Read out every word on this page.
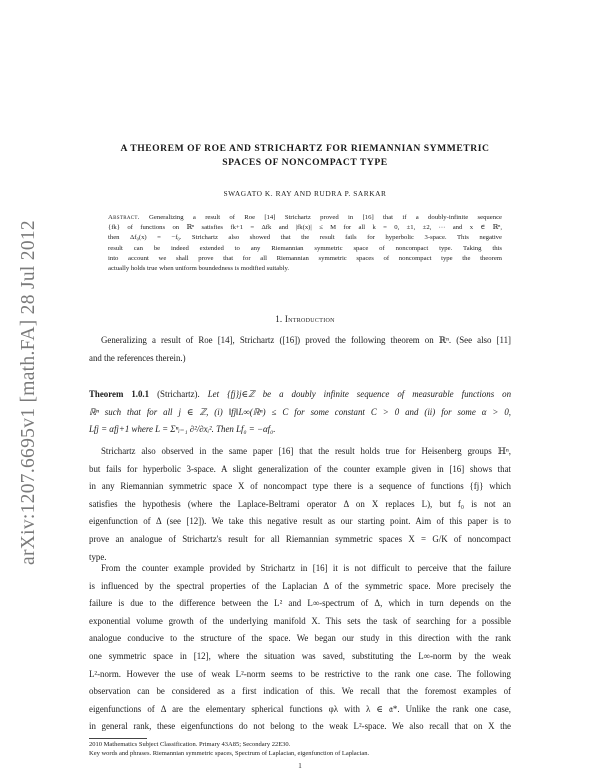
arXiv:1207.6695v1 [math.FA] 28 Jul 2012
A THEOREM OF ROE AND STRICHARTZ FOR RIEMANNIAN SYMMETRIC
SPACES OF NONCOMPACT TYPE
SWAGATO K. RAY AND RUDRA P. SARKAR
Abstract. Generalizing a result of Roe [14] Strichartz proved in [16] that if a doubly-infinite sequence
{fk} of functions on ℝⁿ satisfies fk+1 = Δfk and |fk(x)| ≤ M for all k = 0, ±1, ±2, ··· and x ∈ ℝⁿ,
then Δf₀(x) = −f₀. Strichartz also showed that the result fails for hyperbolic 3-space. This negative
result can be indeed extended to any Riemannian symmetric space of noncompact type. Taking this
into account we shall prove that for all Riemannian symmetric spaces of noncompact type the theorem
actually holds true when uniform boundedness is modified suitably.
1. Introduction
Generalizing a result of Roe [14], Strichartz ([16]) proved the following theorem on ℝⁿ. (See also [11]
and the references therein.)
Theorem 1.0.1 (Strichartz). Let {fj}j∈ℤ be a doubly infinite sequence of measurable functions on
ℝⁿ such that for all j ∈ ℤ, (i) ‖fj‖L∞(ℝⁿ) ≤ C for some constant C > 0 and (ii) for some α > 0,
Lfj = αfj+1 where L = Σⁿᵢ₌₁ ∂²/∂xᵢ². Then Lf₀ = −αf₀.
Strichartz also observed in the same paper [16] that the result holds true for Heisenberg groups ℍⁿ,
but fails for hyperbolic 3-space. A slight generalization of the counter example given in [16] shows that
in any Riemannian symmetric space X of noncompact type there is a sequence of functions {fj} which
satisfies the hypothesis (where the Laplace-Beltrami operator Δ on X replaces L), but f₀ is not an
eigenfunction of Δ (see [12]). We take this negative result as our starting point. Aim of this paper is to
prove an analogue of Strichartz's result for all Riemannian symmetric spaces X = G/K of noncompact
type.
From the counter example provided by Strichartz in [16] it is not difficult to perceive that the failure
is influenced by the spectral properties of the Laplacian Δ of the symmetric space. More precisely the
failure is due to the difference between the L² and L∞-spectrum of Δ, which in turn depends on the
exponential volume growth of the underlying manifold X. This sets the task of searching for a possible
analogue conducive to the structure of the space. We began our study in this direction with the rank
one symmetric space in [12], where the situation was saved, substituting the L∞-norm by the weak
L²-norm. However the use of weak L²-norm seems to be restrictive to the rank one case. The following
observation can be considered as a first indication of this. We recall that the foremost examples of
eigenfunctions of Δ are the elementary spherical functions φλ with λ ∈ 𝔞*. Unlike the rank one case,
in general rank, these eigenfunctions do not belong to the weak L²-space. We also recall that on X the
2010 Mathematics Subject Classification. Primary 43A85; Secondary 22E30.
Key words and phrases. Riemannian symmetric spaces, Spectrum of Laplacian, eigenfunction of Laplacian.
1
